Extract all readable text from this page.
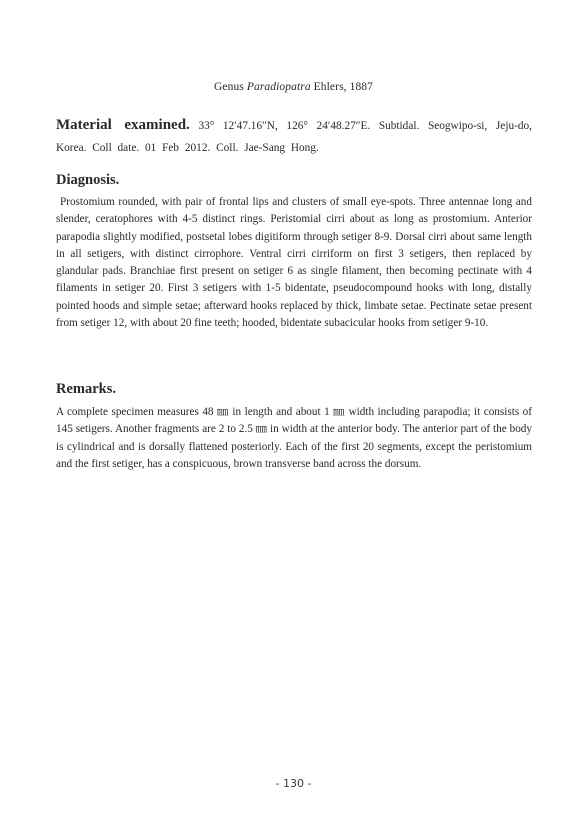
Genus Paradiopatra Ehlers, 1887
Material examined. 33° 12′47.16″N, 126° 24′48.27″E. Subtidal. Seogwipo-si, Jeju-do, Korea. Coll date. 01 Feb 2012. Coll. Jae-Sang Hong.
Diagnosis.

Prostomium rounded, with pair of frontal lips and clusters of small eye-spots. Three antennae long and slender, ceratophores with 4-5 distinct rings. Peristomial cirri about as long as prostomium. Anterior parapodia slightly modified, postsetal lobes digitiform through setiger 8-9. Dorsal cirri about same length in all setigers, with distinct cirrophore. Ventral cirri cirriform on first 3 setigers, then replaced by glandular pads. Branchiae first present on setiger 6 as single filament, then becoming pectinate with 4 filaments in setiger 20. First 3 setigers with 1-5 bidentate, pseudocompound hooks with long, distally pointed hoods and simple setae; afterward hooks replaced by thick, limbate setae. Pectinate setae present from setiger 12, with about 20 fine teeth; hooded, bidentate subacicular hooks from setiger 9-10.

Remarks.

A complete specimen measures 48 ㎜ in length and about 1 ㎜ width including parapodia; it consists of 145 setigers. Another fragments are 2 to 2.5 ㎜ in width at the anterior body. The anterior part of the body is cylindrical and is dorsally flattened posteriorly. Each of the first 20 segments, except the peristomium and the first setiger, has a conspicuous, brown transverse band across the dorsum.

- 130 -
